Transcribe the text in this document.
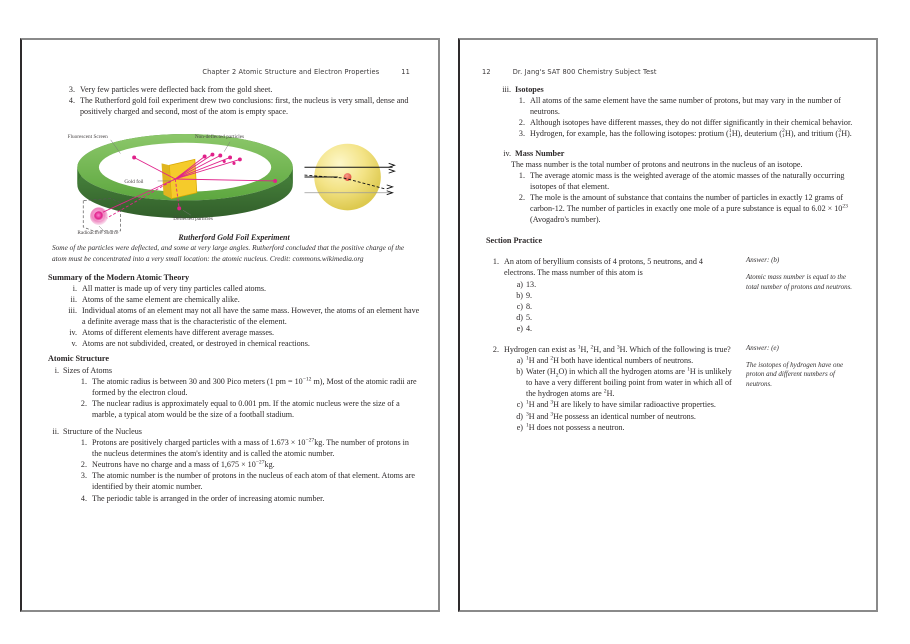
Chapter 2 Atomic Structure and Electron Properties	11
3. Very few particles were deflected back from the gold sheet.
4. The Rutherford gold foil experiment drew two conclusions: first, the nucleus is very small, dense and positively charged and second, most of the atom is empty space.
Fluorescent Screen	Non-deflected particles
Gold foil
Deflected particles
Radioactive Source
Rutherford Gold Foil Experiment
Some of the particles were deflected, and some at very large angles. Rutherford concluded that the positive charge of the atom must be concentrated into a very small location: the atomic nucleus. Credit: commons.wikimedia.org
Summary of the Modern Atomic Theory
i. All matter is made up of very tiny particles called atoms.
ii. Atoms of the same element are chemically alike.
iii. Individual atoms of an element may not all have the same mass. However, the atoms of an element have a definite average mass that is the characteristic of the element.
iv. Atoms of different elements have different average masses.
v. Atoms are not subdivided, created, or destroyed in chemical reactions.
Atomic Structure
i. Sizes of Atoms
1. The atomic radius is between 30 and 300 Pico meters (1 pm = $10^{-12}$ m), Most of the atomic radii are formed by the electron cloud.
2. The nuclear radius is approximately equal to 0.001 pm. If the atomic nucleus were the size of a marble, a typical atom would be the size of a football stadium.
ii. Structure of the Nucleus
1. Protons are positively charged particles with a mass of $1.673 \times 10^{-27}kg$. The number of protons in the nucleus determines the atom's identity and is called the atomic number.
2. Neutrons have no charge and a mass of $1,675 \times 10^{-27}kg$.
3. The atomic number is the number of protons in the nucleus of each atom of that element. Atoms are identified by their atomic number.
4. The periodic table is arranged in the order of increasing atomic number.
12	Dr. Jang's SAT 800 Chemistry Subject Test
iii. Isotopes
1. All atoms of the same element have the same number of protons, but may vary in the number of neutrons.
2. Although isotopes have different masses, they do not differ significantly in their chemical behavior.
3. Hydrogen, for example, has the following isotopes: protium ( 1
1 H), deuterium ( 2
1 H), and tritium ( 3
1 H).
iv. Mass Number
The mass number is the total number of protons and neutrons in the nucleus of an isotope.
1. The average atomic mass is the weighted average of the atomic masses of the naturally occurring isotopes of that element.
2. The mole is the amount of substance that contains the number of particles in exactly 12 grams of carbon-12. The number of particles in exactly one mole of a pure substance is equal to $6.02 \times 10^{23}$ (Avogadro's number).
Section Practice
1. An atom of beryllium consists of 4 protons, 5 neutrons, and 4 electrons. The mass number of this atom is
a) 13.
b) 9.
c) 8.
d) 5.
e) 4.
Answer: (b)
Atomic mass number is equal to the total number of protons and neutrons.
2. Hydrogen can exist as $^1$H, $^2$H, and $^3$H. Which of the following is true?
a) $^1$H and $^2$H both have identical numbers of neutrons.
b) Water $(H_2O)$ in which all the hydrogen atoms are $^1$H is unlikely to have a very different boiling point from water in which all of the hydrogen atoms are $^2$H.
c) $^1$H and $^3$H are likely to have similar radioactive properties.
d) $^3$H and $^3$He possess an identical number of neutrons.
e) $^1$H does not possess a neutron.
Answer: (e)
The isotopes of hydrogen have one proton and different numbers of neutrons.
